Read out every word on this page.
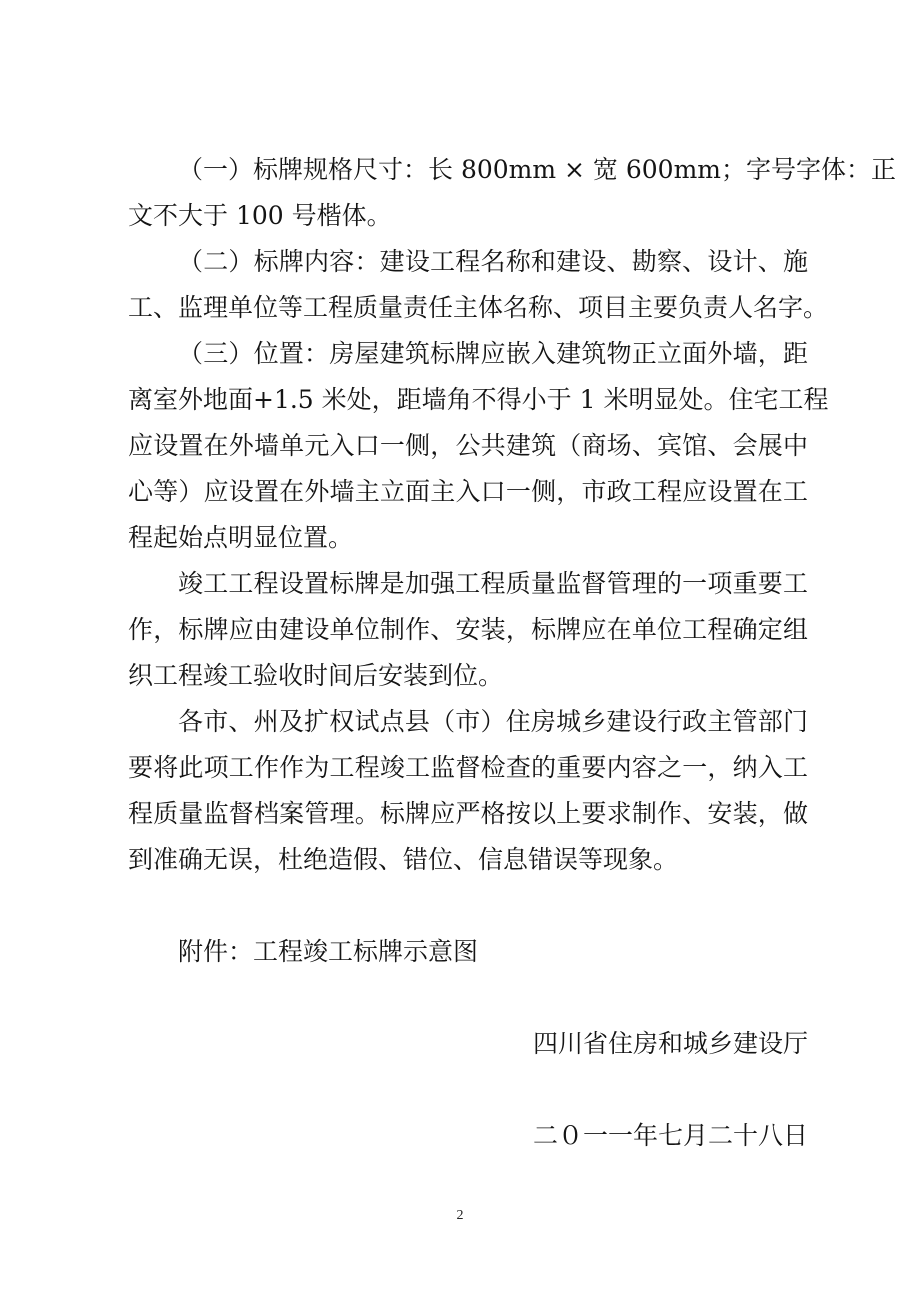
（一）标牌规格尺寸：长 800mm × 宽 600mm；字号字体：正

文不大于 100 号楷体。

（二）标牌内容：建设工程名称和建设、勘察、设计、施

工、监理单位等工程质量责任主体名称、项目主要负责人名字。

（三）位置：房屋建筑标牌应嵌入建筑物正立面外墙，距

离室外地面+1.5 米处，距墙角不得小于 1 米明显处。住宅工程

应设置在外墙单元入口一侧，公共建筑（商场、宾馆、会展中

心等）应设置在外墙主立面主入口一侧，市政工程应设置在工

程起始点明显位置。

竣工工程设置标牌是加强工程质量监督管理的一项重要工

作，标牌应由建设单位制作、安装，标牌应在单位工程确定组

织工程竣工验收时间后安装到位。

各市、州及扩权试点县（市）住房城乡建设行政主管部门

要将此项工作作为工程竣工监督检查的重要内容之一，纳入工

程质量监督档案管理。标牌应严格按以上要求制作、安装，做

到准确无误，杜绝造假、错位、信息错误等现象。

附件：工程竣工标牌示意图

四川省住房和城乡建设厅

二０一一年七月二十八日

2
